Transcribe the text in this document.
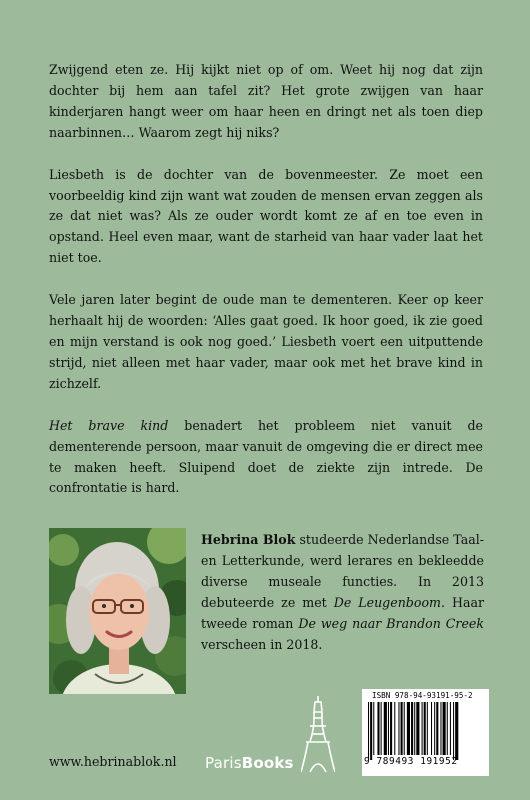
Zwijgend eten ze. Hij kijkt niet op of om. Weet hij nog dat zijn dochter bij hem aan tafel zit? Het grote zwijgen van haar kinderjaren hangt weer om haar heen en dringt net als toen diep naarbinnen… Waarom zegt hij niks?

Liesbeth is de dochter van de bovenmeester. Ze moet een voorbeeldig kind zijn want wat zouden de mensen ervan zeggen als ze dat niet was? Als ze ouder wordt komt ze af en toe even in opstand. Heel even maar, want de starheid van haar vader laat het niet toe.

Vele jaren later begint de oude man te dementeren. Keer op keer herhaalt hij de woorden: ‘Alles gaat goed. Ik hoor goed, ik zie goed en mijn verstand is ook nog goed.’ Liesbeth voert een uitputtende strijd, niet alleen met haar vader, maar ook met het brave kind in zichzelf.

Het brave kind benadert het probleem niet vanuit de dementerende persoon, maar vanuit de omgeving die er direct mee te maken heeft. Sluipend doet de ziekte zijn intrede. De confrontatie is hard.

Hebrina Blok studeerde Nederlandse Taal- en Letterkunde, werd lerares en bekleedde diverse museale functies. In 2013 debuteerde ze met De Leugenboom. Haar tweede roman De weg naar Brandon Creek verscheen in 2018.

www.hebrinablok.nl ParisBooks
ISBN 978-94-93191-95-2
9 789493 191952
